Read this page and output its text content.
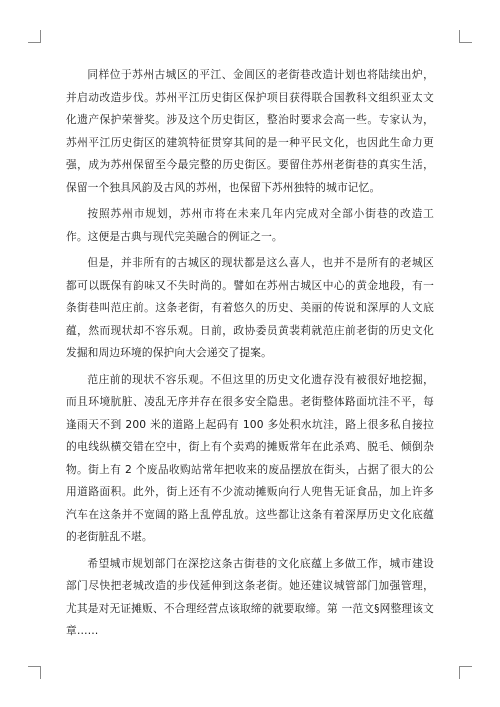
同样位于苏州古城区的平江、金阊区的老街巷改造计划也将陆续出炉，并启动改造步伐。苏州平江历史街区保护项目获得联合国教科文组织亚太文化遗产保护荣誉奖。涉及这个历史街区，整治时要求会高一些。专家认为，苏州平江历史街区的建筑特征贯穿其间的是一种平民文化，也因此生命力更强，成为苏州保留至今最完整的历史街区。要留住苏州老街巷的真实生活，保留一个独具风韵及古风的苏州，也保留下苏州独特的城市记忆。

按照苏州市规划，苏州市将在未来几年内完成对全部小街巷的改造工作。这便是古典与现代完美融合的例证之一。

但是，并非所有的古城区的现状都是这么喜人，也并不是所有的老城区都可以既保有韵味又不失时尚的。譬如在苏州古城区中心的黄金地段，有一条街巷叫范庄前。这条老街，有着悠久的历史、美丽的传说和深厚的人文底蕴，然而现状却不容乐观。日前，政协委员黄裴莉就范庄前老街的历史文化发掘和周边环境的保护向大会递交了提案。

范庄前的现状不容乐观。不但这里的历史文化遗存没有被很好地挖掘，而且环境肮脏、凌乱无序并存在很多安全隐患。老街整体路面坑洼不平，每逢雨天不到 200 米的道路上起码有 100 多处积水坑洼，路上很多私自接拉的电线纵横交错在空中，街上有个卖鸡的摊贩常年在此杀鸡、脱毛、倾倒杂物。街上有 2 个废品收购站常年把收来的废品摆放在街头，占据了很大的公用道路面积。此外，街上还有不少流动摊贩向行人兜售无证食品，加上许多汽车在这条并不宽阔的路上乱停乱放。这些都让这条有着深厚历史文化底蕴的老街脏乱不堪。

希望城市规划部门在深挖这条古街巷的文化底蕴上多做工作，城市建设部门尽快把老城改造的步伐延伸到这条老街。她还建议城管部门加强管理，尤其是对无证摊贩、不合理经营点该取缔的就要取缔。第 一范文§网整理该文章……
